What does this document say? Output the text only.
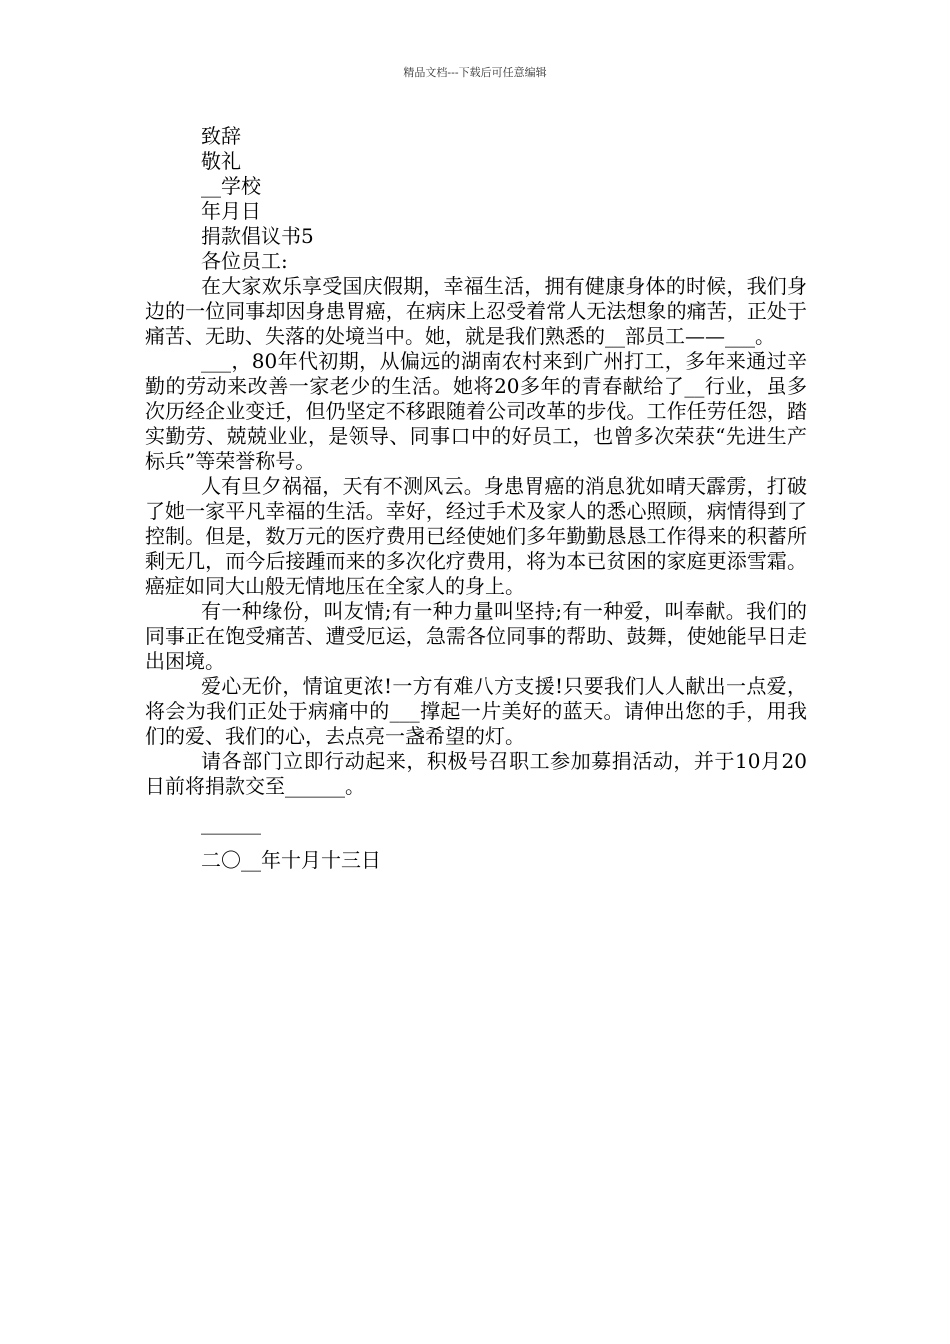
精品文档---下载后可任意编辑

致辞

敬礼

__学校

年月日

捐款倡议书5

各位员工:

在大家欢乐享受国庆假期，幸福生活，拥有健康身体的时候，我们身边的一位同事却因身患胃癌，在病床上忍受着常人无法想象的痛苦，正处于痛苦、无助、失落的处境当中。她，就是我们熟悉的__部员工——___。

___，80年代初期，从偏远的湖南农村来到广州打工，多年来通过辛勤的劳动来改善一家老少的生活。她将20多年的青春献给了__行业，虽多次历经企业变迁，但仍坚定不移跟随着公司改革的步伐。工作任劳任怨，踏实勤劳、兢兢业业，是领导、同事口中的好员工，也曾多次荣获“先进生产标兵”等荣誉称号。

人有旦夕祸福，天有不测风云。身患胃癌的消息犹如晴天霹雳，打破了她一家平凡幸福的生活。幸好，经过手术及家人的悉心照顾，病情得到了控制。但是，数万元的医疗费用已经使她们多年勤勤恳恳工作得来的积蓄所剩无几，而今后接踵而来的多次化疗费用，将为本已贫困的家庭更添雪霜。癌症如同大山般无情地压在全家人的身上。

有一种缘份，叫友情;有一种力量叫坚持;有一种爱，叫奉献。我们的同事正在饱受痛苦、遭受厄运，急需各位同事的帮助、鼓舞，使她能早日走出困境。

爱心无价，情谊更浓!一方有难八方支援!只要我们人人献出一点爱，将会为我们正处于病痛中的___撑起一片美好的蓝天。请伸出您的手，用我们的爱、我们的心，去点亮一盏希望的灯。

请各部门立即行动起来，积极号召职工参加募捐活动，并于10月20日前将捐款交至______。

______

二〇__年十月十三日
